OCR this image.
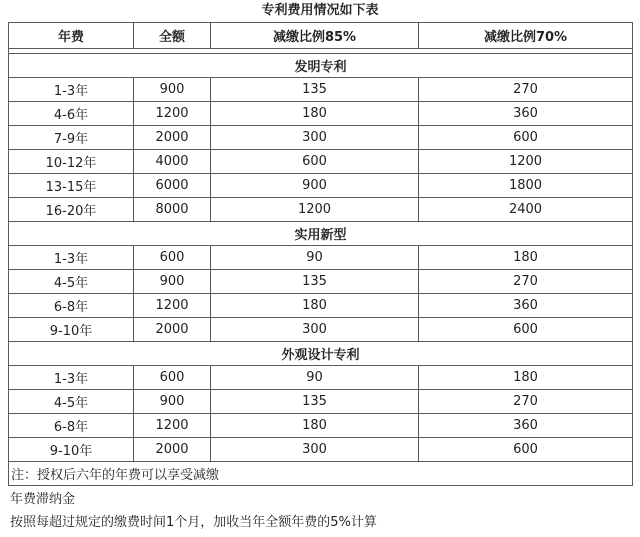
专利费用情况如下表
年费	全额	减缴比例85%	减缴比例70%

发明专利			
1-3年	900	135	270
4-6年	1200	180	360
7-9年	2000	300	600
10-12年	4000	600	1200
13-15年	6000	900	1800
16-20年	8000	1200	2400
实用新型			
1-3年	600	90	180
4-5年	900	135	270
6-8年	1200	180	360
9-10年	2000	300	600
外观设计专利			
1-3年	600	90	180
4-5年	900	135	270
6-8年	1200	180	360
9-10年	2000	300	600
注：授权后六年的年费可以享受减缴			
年费滞纳金
按照每超过规定的缴费时间1个月，加收当年全额年费的5%计算
